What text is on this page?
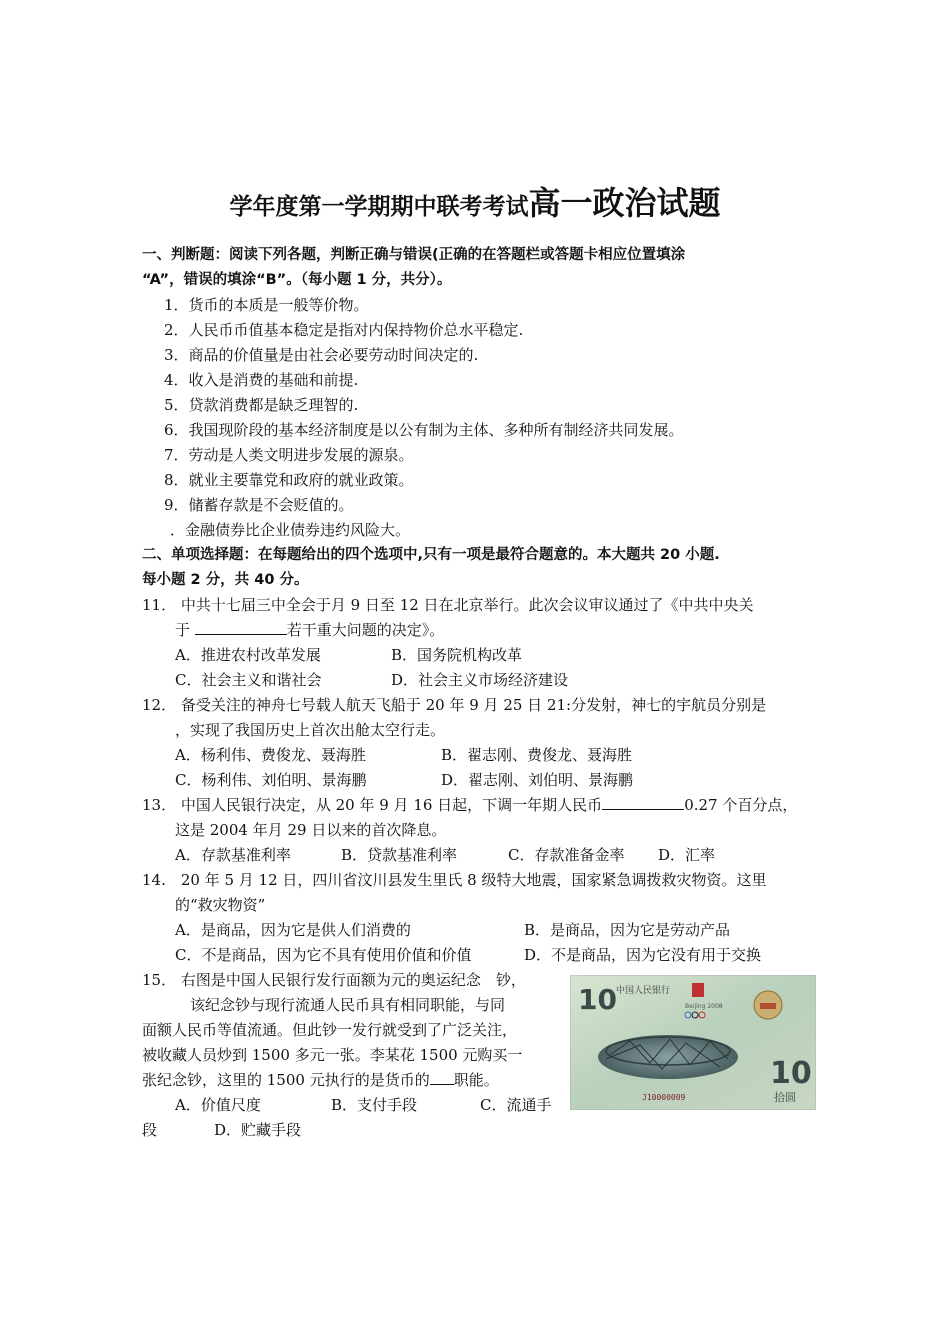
学年度第一学期期中联考考试高一政治试题
一、判断题：阅读下列各题，判断正确与错误(正确的在答题栏或答题卡相应位置填涂
“A”，错误的填涂“B”。（每小题 1 分，共分）。
1．货币的本质是一般等价物。
2．人民币币值基本稳定是指对内保持物价总水平稳定.
3．商品的价值量是由社会必要劳动时间决定的.
4．收入是消费的基础和前提.
5．贷款消费都是缺乏理智的.
6．我国现阶段的基本经济制度是以公有制为主体、多种所有制经济共同发展。
7．劳动是人类文明进步发展的源泉。
8．就业主要靠党和政府的就业政策。
9．储蓄存款是不会贬值的。
．金融债券比企业债券违约风险大。
二、单项选择题：在每题给出的四个选项中,只有一项是最符合题意的。本大题共 20 小题.
每小题 2 分，共 40 分。
11． 中共十七届三中全会于月 9 日至 12 日在北京举行。此次会议审议通过了《中共中央关
于	若干重大问题的决定》。
A．推进农村改革发展	B．国务院机构改革
C．社会主义和谐社会	D．社会主义市场经济建设
12． 备受关注的神舟七号载人航天飞船于 20 年 9 月 25 日 21:分发射，神七的宇航员分别是
，实现了我国历史上首次出舱太空行走。
A．杨利伟、费俊龙、聂海胜	B．翟志刚、费俊龙、聂海胜
C．杨利伟、刘伯明、景海鹏	D．翟志刚、刘伯明、景海鹏
13． 中国人民银行决定，从 20 年 9 月 16 日起，下调一年期人民币	0.27 个百分点，
这是 2004 年月 29 日以来的首次降息。
A．存款基准利率	B．贷款基准利率	C．存款准备金率 D．汇率
14.　20 年 5 月 12 日，四川省汶川县发生里氏 8 级特大地震，国家紧急调拨救灾物资。这里
的“救灾物资”
A．是商品，因为它是供人们消费的	B．是商品，因为它是劳动产品
C．不是商品，因为它不具有使用价值和价值	D．不是商品，因为它没有用于交换
15． 右图是中国人民银行发行面额为元的奥运纪念　钞，
该纪念钞与现行流通人民币具有相同职能，与同
面额人民币等值流通。但此钞一发行就受到了广泛关注，
被收藏人员炒到 1500 多元一张。李某花 1500 元购买一
张纪念钞，这里的 1500 元执行的是货币的 职能。
A．价值尺度	B．支付手段	C．流通手
段	D．贮藏手段
10 中国人民银行
Beijing 2008
J10000009
10
拾圆
